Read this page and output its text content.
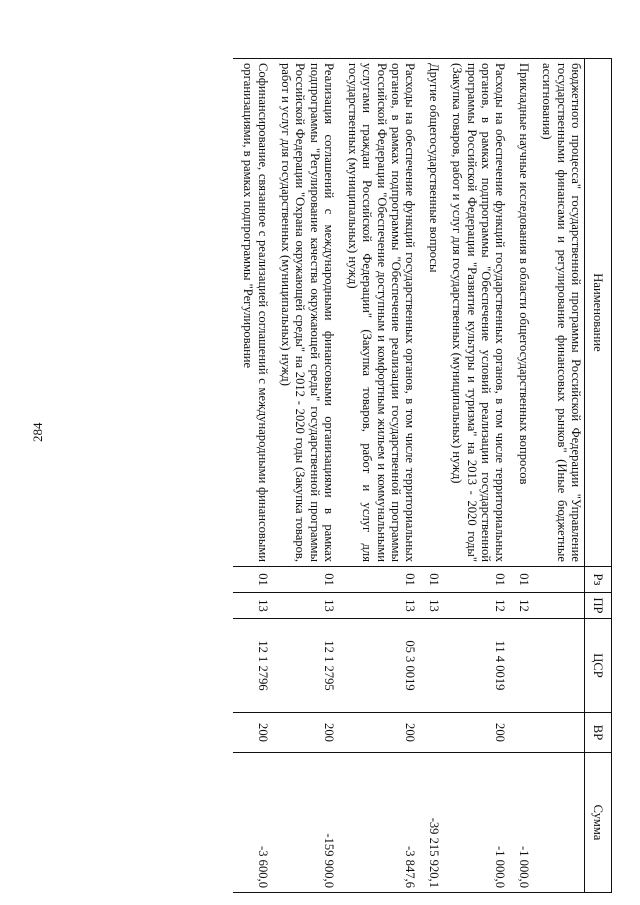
284
Наименование	Рз	ПР	ЦСР	ВР	Сумма
бюджетного процесса" государственной программы Российской Федерации "Управление государственными финансами и регулирование финансовых рынков" (Иные бюджетные ассигнования)					
Прикладные научные исследования в области общегосударственных вопросов	01	12			-1 000,0
Расходы на обеспечение функций государственных органов, в том числе территориальных органов, в рамках подпрограммы "Обеспечение условий реализации государственной программы Российской Федерации "Развитие культуры и туризма" на 2013 - 2020 годы" (Закупка товаров, работ и услуг для государственных (муниципальных) нужд)	01	12	11 4 0019	200	-1 000,0
Другие общегосударственные вопросы	01	13			-39 215 920,1
Расходы на обеспечение функций государственных органов, в том числе территориальных органов, в рамках подпрограммы "Обеспечение реализации государственной программы Российской Федерации "Обеспечение доступным и комфортным жильем и коммунальными услугами граждан Российской Федерации" (Закупка товаров, работ и услуг для государственных (муниципальных) нужд)	01	13	05 3 0019	200	-3 847,6
Реализация соглашений с международными финансовыми организациями в рамках подпрограммы "Регулирование качества окружающей среды" государственной программы Российской Федерации "Охрана окружающей среды" на 2012 - 2020 годы (Закупка товаров, работ и услуг для государственных (муниципальных) нужд)	01	13	12 1 2795	200	-159 900,0
Софинансирование, связанное с реализацией соглашений с международными финансовыми организациями, в рамках подпрограммы "Регулирование	01	13	12 1 2796	200	-3 600,0
